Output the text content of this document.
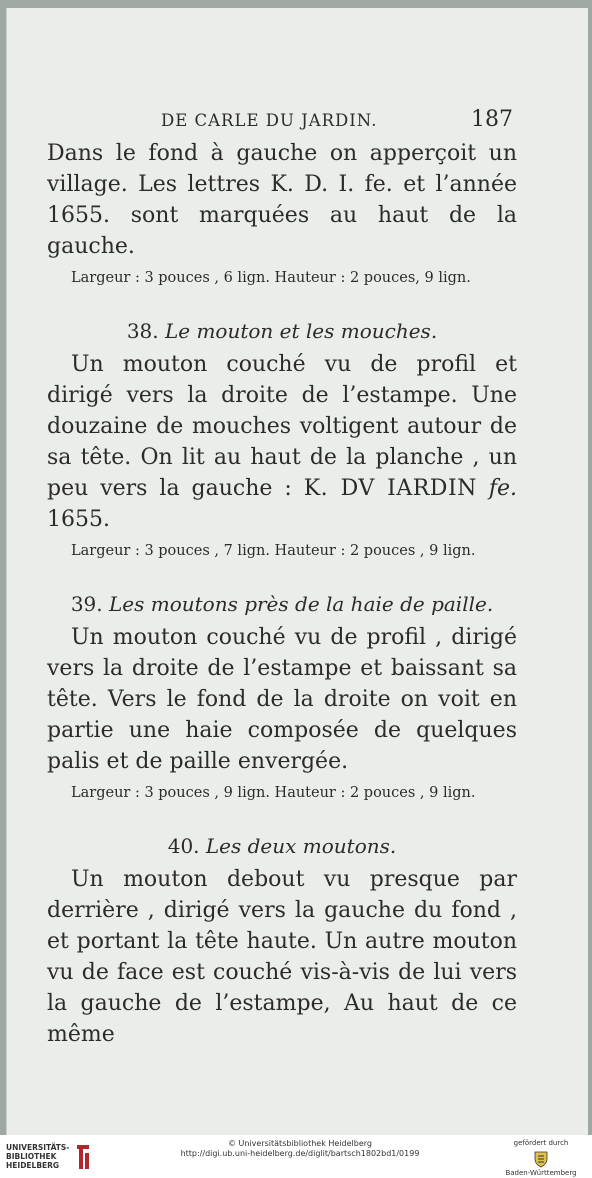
DE CARLE DU JARDIN.	187

Dans le fond à gauche on apperçoit un village. Les lettres K. D. I. fe. et l’année 1655. sont marquées au haut de la gauche.

Largeur : 3 pouces , 6 lign. Hauteur : 2 pouces, 9 lign.

38. Le mouton et les mouches.

Un mouton couché vu de profil et dirigé vers la droite de l’estampe. Une douzaine de mouches voltigent autour de sa tête. On lit au haut de la planche , un peu vers la gauche : K. DV IARDIN fe. 1655.

Largeur : 3 pouces , 7 lign. Hauteur : 2 pouces , 9 lign.

39. Les moutons près de la haie de paille.

Un mouton couché vu de profil , dirigé vers la droite de l’estampe et baissant sa tête. Vers le fond de la droite on voit en partie une haie composée de quelques palis et de paille envergée.

Largeur : 3 pouces , 9 lign. Hauteur : 2 pouces , 9 lign.

40. Les deux moutons.

Un mouton debout vu presque par derrière , dirigé vers la gauche du fond , et portant la tête haute. Un autre mouton vu de face est couché vis-à-vis de lui vers la gauche de l’estampe, Au haut de ce même

UNIVERSITÄTS-
BIBLIOTHEK
HEIDELBERG
© Universitätsbibliothek Heidelberg
http://digi.ub.uni-heidelberg.de/diglit/bartsch1802bd1/0199
gefördert durch
Baden-Württemberg
